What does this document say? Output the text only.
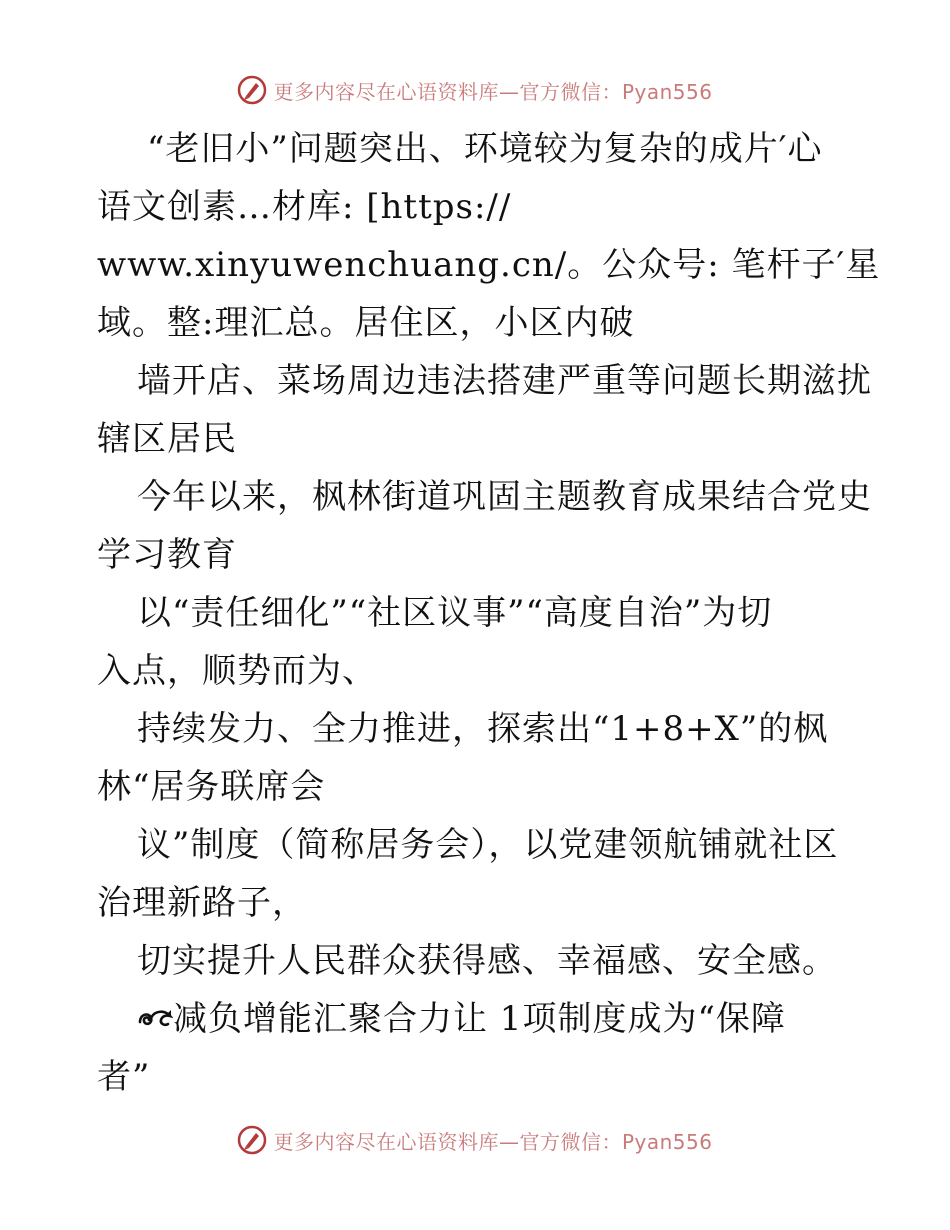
更多内容尽在心语资料库—官方微信：Pyan556
“老旧小”问题突出、环境较为复杂的成片′心
语文创素…材库: [https://
www.xinyuwenchuang.cn/。公众号: 笔杆子′星
域。整:理汇总。居住区，小区内破
墙开店、菜场周边违法搭建严重等问题长期滋扰
辖区居民
今年以来，枫林街道巩固主题教育成果结合党史
学习教育
以“责任细化”“社区议事”“高度自治”为切
入点，顺势而为、
持续发力、全力推进，探索出“1+8+X”的枫
林“居务联席会
议”制度（简称居务会），以党建领航铺就社区
治理新路子，
切实提升人民群众获得感、幸福感、安全感。
减负增能汇聚合力让 1项制度成为“保障
者”
更多内容尽在心语资料库—官方微信：Pyan556
